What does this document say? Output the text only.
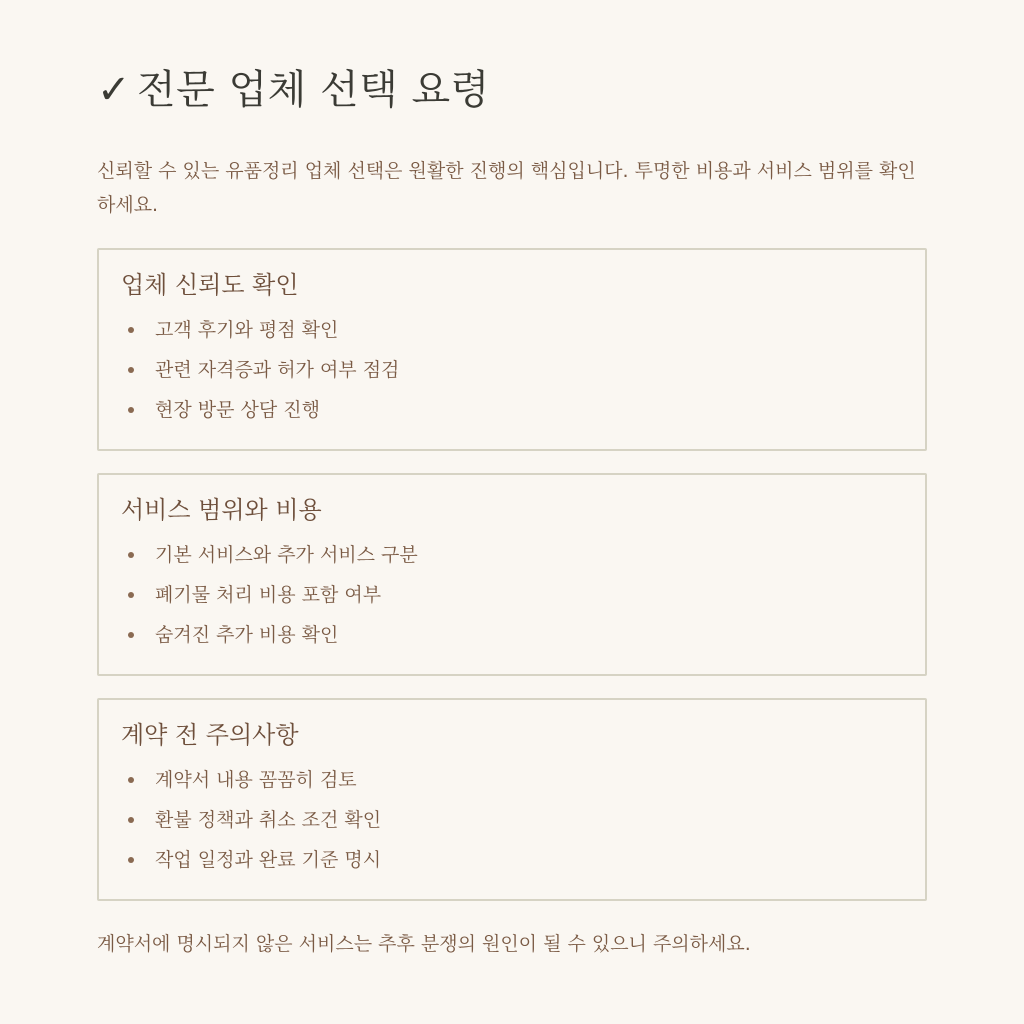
✓ 전문 업체 선택 요령

신뢰할 수 있는 유품정리 업체 선택은 원활한 진행의 핵심입니다. 투명한 비용과 서비스 범위를 확인하세요.

업체 신뢰도 확인
고객 후기와 평점 확인
관련 자격증과 허가 여부 점검
현장 방문 상담 진행
서비스 범위와 비용
기본 서비스와 추가 서비스 구분
폐기물 처리 비용 포함 여부
숨겨진 추가 비용 확인
계약 전 주의사항
계약서 내용 꼼꼼히 검토
환불 정책과 취소 조건 확인
작업 일정과 완료 기준 명시

계약서에 명시되지 않은 서비스는 추후 분쟁의 원인이 될 수 있으니 주의하세요.
